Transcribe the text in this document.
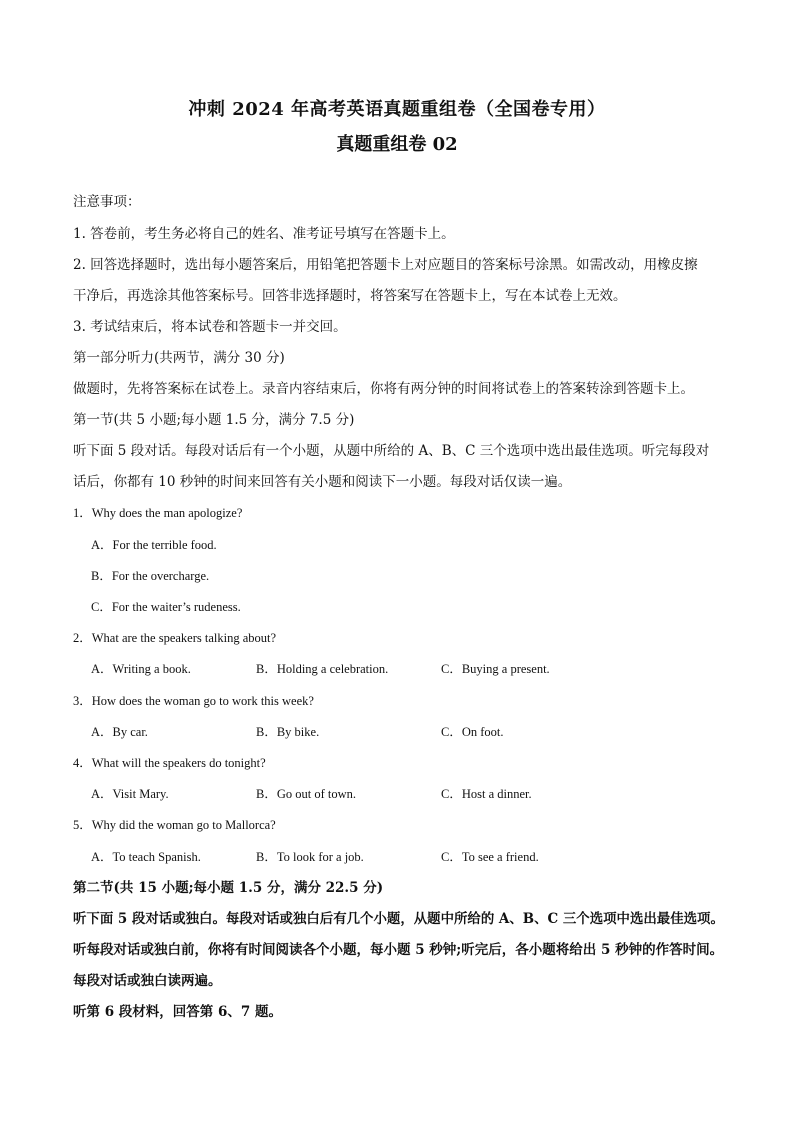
冲刺 2024 年高考英语真题重组卷（全国卷专用）
真题重组卷 02
注意事项：
1. 答卷前，考生务必将自己的姓名、准考证号填写在答题卡上。
2. 回答选择题时，选出每小题答案后，用铅笔把答题卡上对应题目的答案标号涂黑。如需改动，用橡皮擦
干净后，再选涂其他答案标号。回答非选择题时，将答案写在答题卡上，写在本试卷上无效。
3. 考试结束后，将本试卷和答题卡一并交回。
第一部分听力(共两节，满分 30 分)
做题时，先将答案标在试卷上。录音内容结束后，你将有两分钟的时间将试卷上的答案转涂到答题卡上。
第一节(共 5 小题;每小题 1.5 分，满分 7.5 分)
听下面 5 段对话。每段对话后有一个小题，从题中所给的 A、B、C 三个选项中选出最佳选项。听完每段对
话后，你都有 10 秒钟的时间来回答有关小题和阅读下一小题。每段对话仅读一遍。
1．Why does the man apologize?
A．For the terrible food.
B．For the overcharge.
C．For the waiter’s rudeness.
2．What are the speakers talking about?
A．Writing a book.	B．Holding a celebration.	C．Buying a present.
3．How does the woman go to work this week?
A．By car.	B．By bike.	C．On foot.
4．What will the speakers do tonight?
A．Visit Mary.	B．Go out of town.	C．Host a dinner.
5．Why did the woman go to Mallorca?
A．To teach Spanish.	B．To look for a job.	C．To see a friend.
第二节(共 15 小题;每小题 1.5 分，满分 22.5 分)
听下面 5 段对话或独白。每段对话或独白后有几个小题，从题中所给的 A、B、C 三个选项中选出最佳选项。
听每段对话或独白前，你将有时间阅读各个小题，每小题 5 秒钟;听完后，各小题将给出 5 秒钟的作答时间。
每段对话或独白读两遍。
听第 6 段材料，回答第 6、7 题。
